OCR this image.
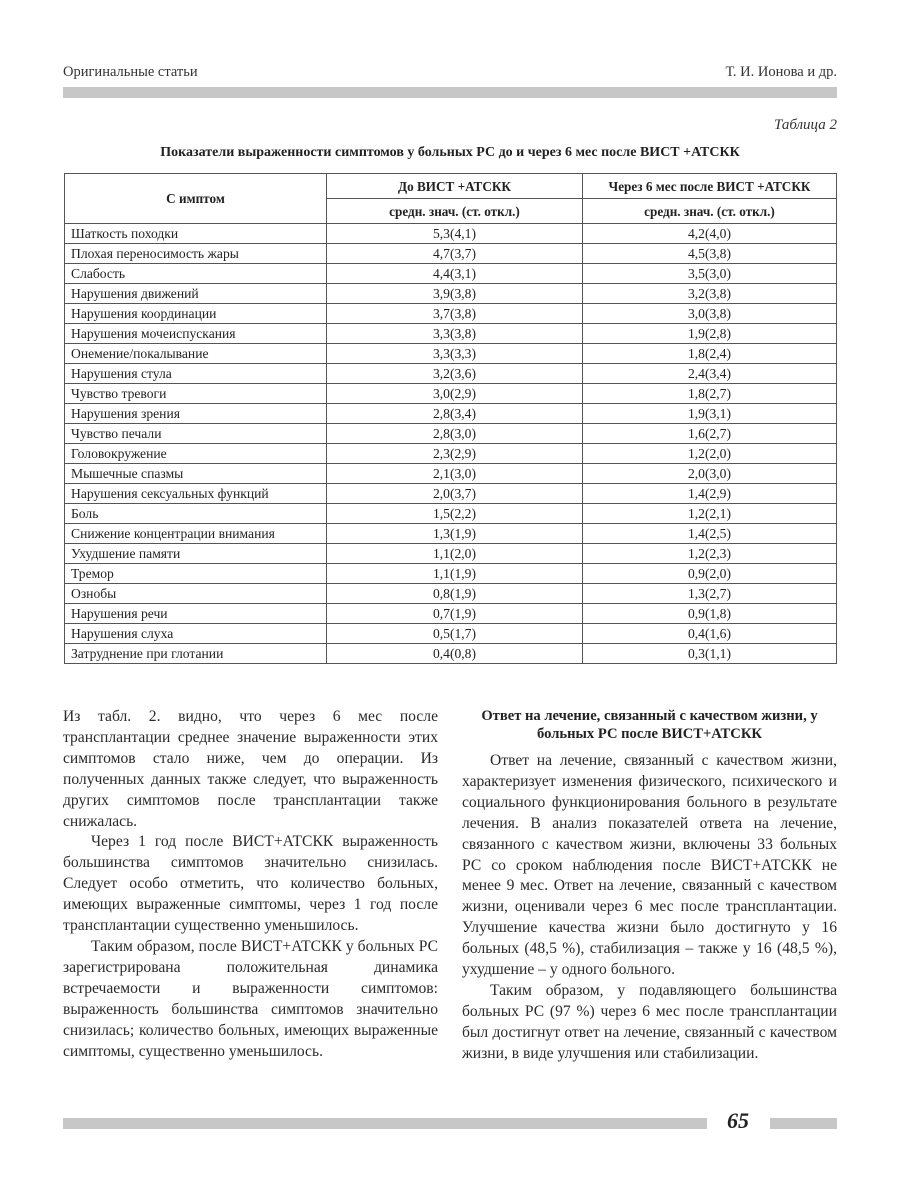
Оригинальные статьи	Т. И. Ионова и др.
Таблица 2
Показатели выраженности симптомов у больных РС до и через 6 мес после ВИСТ +АТСКК
С имптом	До ВИСТ +АТСКК	Через 6 мес после ВИСТ +АТСКК
	средн. знач. (ст. откл.)	средн. знач. (ст. откл.)
Шаткость походки	5,3(4,1)	4,2(4,0)
Плохая переносимость жары	4,7(3,7)	4,5(3,8)
Слабость	4,4(3,1)	3,5(3,0)
Нарушения движений	3,9(3,8)	3,2(3,8)
Нарушения координации	3,7(3,8)	3,0(3,8)
Нарушения мочеиспускания	3,3(3,8)	1,9(2,8)
Онемение/покалывание	3,3(3,3)	1,8(2,4)
Нарушения стула	3,2(3,6)	2,4(3,4)
Чувство тревоги	3,0(2,9)	1,8(2,7)
Нарушения зрения	2,8(3,4)	1,9(3,1)
Чувство печали	2,8(3,0)	1,6(2,7)
Головокружение	2,3(2,9)	1,2(2,0)
Мышечные спазмы	2,1(3,0)	2,0(3,0)
Нарушения сексуальных функций	2,0(3,7)	1,4(2,9)
Боль	1,5(2,2)	1,2(2,1)
Снижение концентрации внимания	1,3(1,9)	1,4(2,5)
Ухудшение памяти	1,1(2,0)	1,2(2,3)
Тремор	1,1(1,9)	0,9(2,0)
Ознобы	0,8(1,9)	1,3(2,7)
Нарушения речи	0,7(1,9)	0,9(1,8)
Нарушения слуха	0,5(1,7)	0,4(1,6)
Затруднение при глотании	0,4(0,8)	0,3(1,1)

Из табл. 2. видно, что через 6 мес после трансплантации среднее значение выраженности этих симптомов стало ниже, чем до операции. Из полученных данных также следует, что выраженность других симптомов после трансплантации также снижалась.

Через 1 год после ВИСТ+АТСКК выраженность большинства симптомов значительно снизилась. Следует особо отметить, что количество больных, имеющих выраженные симптомы, через 1 год после трансплантации существенно уменьшилось.

Таким образом, после ВИСТ+АТСКК у больных РС зарегистрирована положительная динамика встречаемости и выраженности симптомов: выраженность большинства симптомов значительно снизилась; количество больных, имеющих выраженные симптомы, существенно уменьшилось.

Ответ на лечение, связанный с качеством жизни, у больных РС после ВИСТ+АТСКК

Ответ на лечение, связанный с качеством жизни, характеризует изменения физического, психического и социального функционирования больного в результате лечения. В анализ показателей ответа на лечение, связанного с качеством жизни, включены 33 больных РС со сроком наблюдения после ВИСТ+АТСКК не менее 9 мес. Ответ на лечение, связанный с качеством жизни, оценивали через 6 мес после трансплантации. Улучшение качества жизни было достигнуто у 16 больных (48,5 %), стабилизация – также у 16 (48,5 %), ухудшение – у одного больного.

Таким образом, у подавляющего большинства больных РС (97 %) через 6 мес после трансплантации был достигнут ответ на лечение, связанный с качеством жизни, в виде улучшения или стабилизации.

65
